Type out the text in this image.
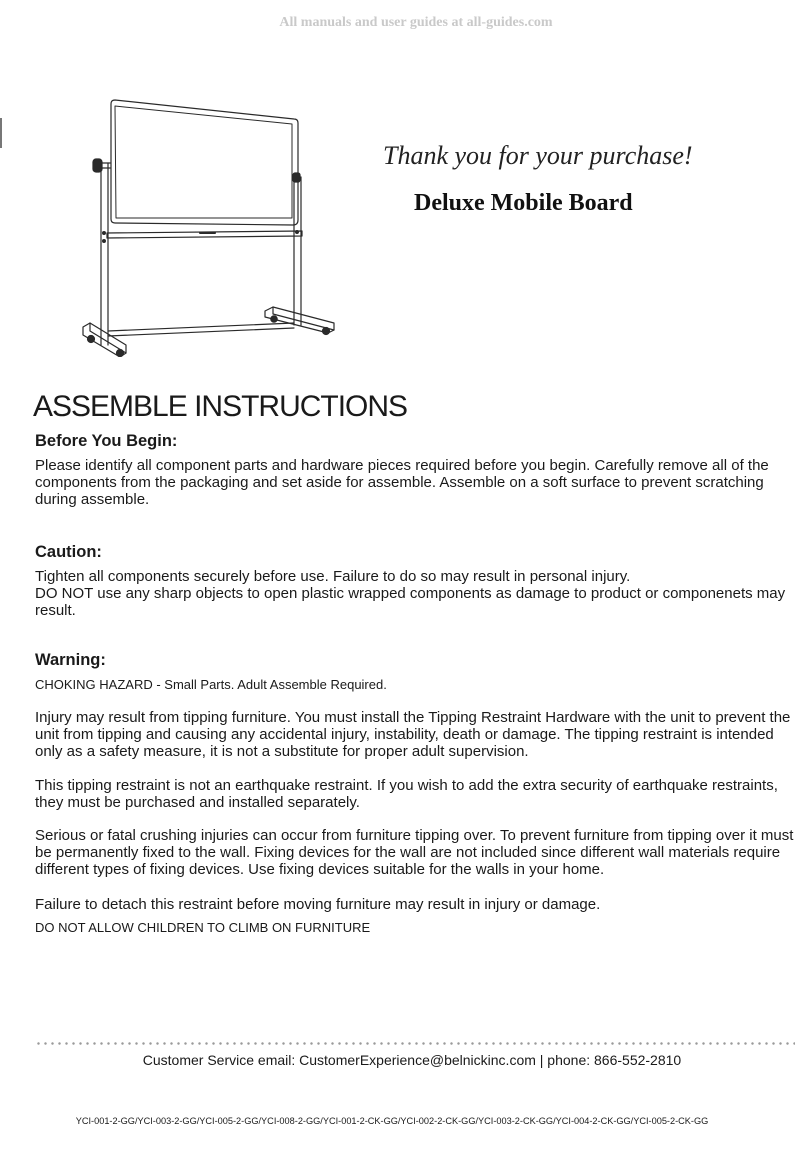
All manuals and user guides at all-guides.com
Thank you for your purchase!
Deluxe Mobile Board
ASSEMBLE INSTRUCTIONS
Before You Begin:

Please identify all component parts and hardware pieces required before you begin. Carefully remove all of the components from the packaging and set aside for assemble. Assemble on a soft surface to prevent scratching during assemble.

Caution:

Tighten all components securely before use. Failure to do so may result in personal injury.

DO NOT use any sharp objects to open plastic wrapped components as damage to product or componenets may result.

Warning:

CHOKING HAZARD - Small Parts. Adult Assemble Required.

Injury may result from tipping furniture. You must install the Tipping Restraint Hardware with the unit to prevent the unit from tipping and causing any accidental injury, instability, death or damage. The tipping restraint is intended only as a safety measure, it is not a substitute for proper adult supervision.

This tipping restraint is not an earthquake restraint. If you wish to add the extra security of earthquake restraints, they must be purchased and installed separately.

Serious or fatal crushing injuries can occur from furniture tipping over. To prevent furniture from tipping over it must be permanently fixed to the wall. Fixing devices for the wall are not included since different wall materials require different types of fixing devices. Use fixing devices suitable for the walls in your home.

Failure to detach this restraint before moving furniture may result in injury or damage.

DO NOT ALLOW CHILDREN TO CLIMB ON FURNITURE

Customer Service email: CustomerExperience@belnickinc.com | phone: 866-552-2810
YCI-001-2-GG/YCI-003-2-GG/YCI-005-2-GG/YCI-008-2-GG/YCI-001-2-CK-GG/YCI-002-2-CK-GG/YCI-003-2-CK-GG/YCI-004-2-CK-GG/YCI-005-2-CK-GG
